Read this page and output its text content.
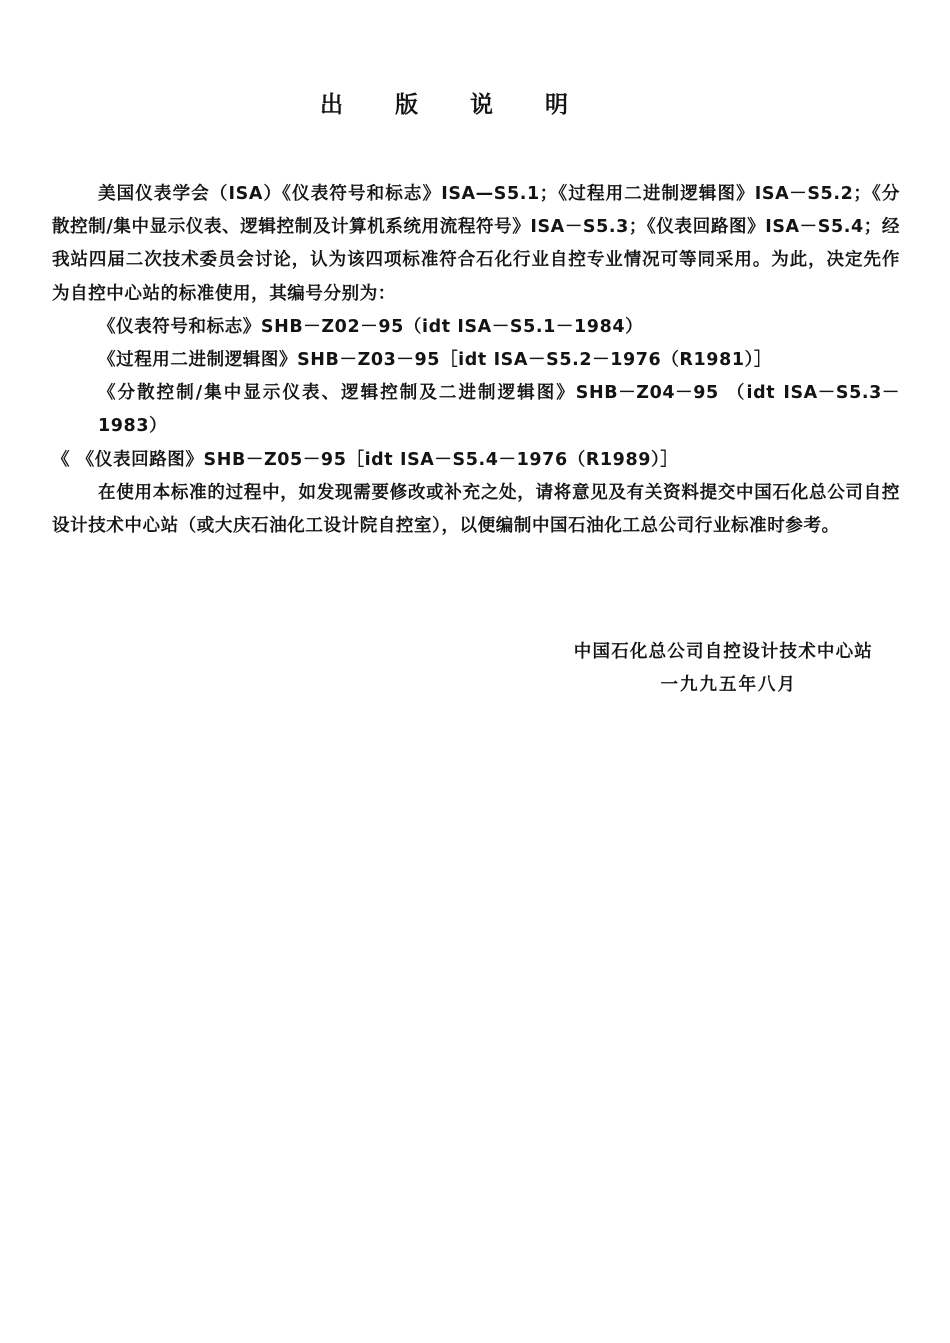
出 版 说 明

美国仪表学会（ISA）《仪表符号和标志》ISA—S5.1；《过程用二进制逻辑图》ISA－S5.2；《分散控制/集中显示仪表、逻辑控制及计算机系统用流程符号》ISA－S5.3；《仪表回路图》ISA－S5.4；经我站四届二次技术委员会讨论，认为该四项标准符合石化行业自控专业情况可等同采用。为此，决定先作为自控中心站的标准使用，其编号分别为：

《仪表符号和标志》SHB－Z02－95（idt ISA－S5.1－1984）

《过程用二进制逻辑图》SHB－Z03－95［idt ISA－S5.2－1976（R1981）］

《分散控制/集中显示仪表、逻辑控制及二进制逻辑图》SHB－Z04－95 （idt ISA－S5.3－1983）

《 《仪表回路图》SHB－Z05－95［idt ISA－S5.4－1976（R1989）］

在使用本标准的过程中，如发现需要修改或补充之处，请将意见及有关资料提交中国石化总公司自控设计技术中心站（或大庆石油化工设计院自控室），以便编制中国石油化工总公司行业标准时参考。

中国石化总公司自控设计技术中心站
一九九五年八月
